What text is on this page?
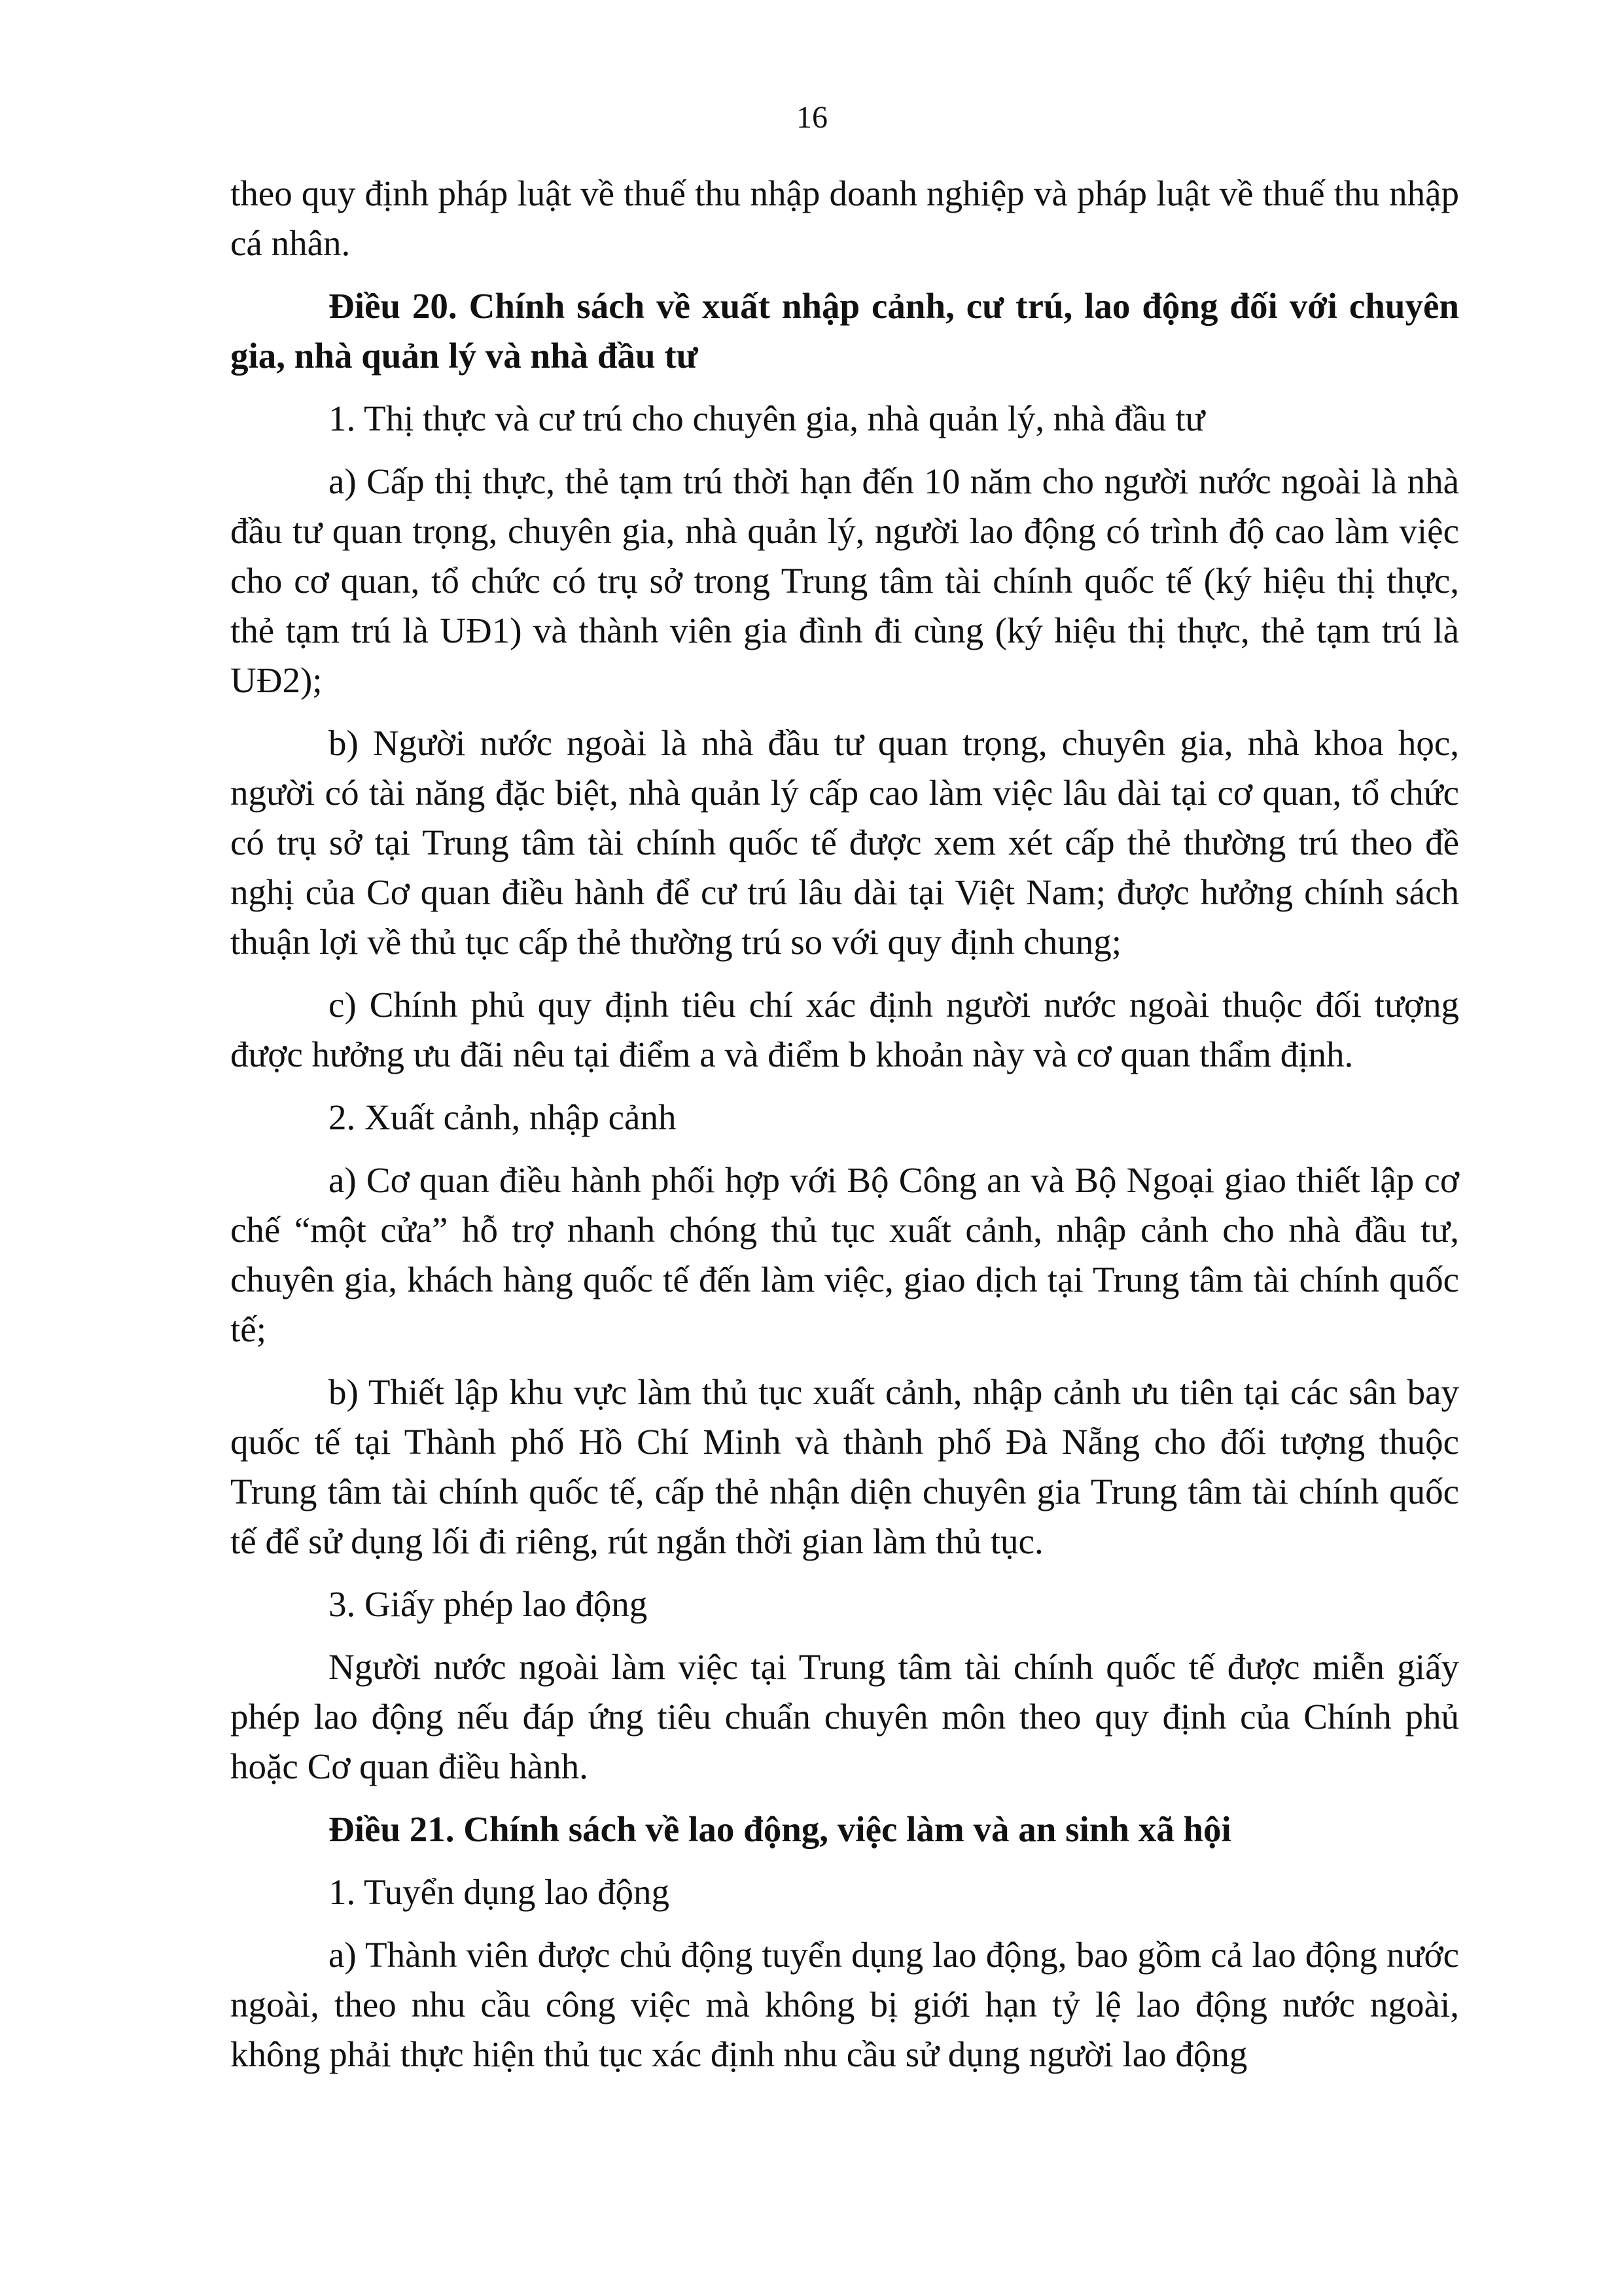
16

theo quy định pháp luật về thuế thu nhập doanh nghiệp và pháp luật về thuế thu nhập cá nhân.

Điều 20. Chính sách về xuất nhập cảnh, cư trú, lao động đối với chuyên gia, nhà quản lý và nhà đầu tư

1. Thị thực và cư trú cho chuyên gia, nhà quản lý, nhà đầu tư

a) Cấp thị thực, thẻ tạm trú thời hạn đến 10 năm cho người nước ngoài là nhà đầu tư quan trọng, chuyên gia, nhà quản lý, người lao động có trình độ cao làm việc cho cơ quan, tổ chức có trụ sở trong Trung tâm tài chính quốc tế (ký hiệu thị thực, thẻ tạm trú là UĐ1) và thành viên gia đình đi cùng (ký hiệu thị thực, thẻ tạm trú là UĐ2);

b) Người nước ngoài là nhà đầu tư quan trọng, chuyên gia, nhà khoa học, người có tài năng đặc biệt, nhà quản lý cấp cao làm việc lâu dài tại cơ quan, tổ chức có trụ sở tại Trung tâm tài chính quốc tế được xem xét cấp thẻ thường trú theo đề nghị của Cơ quan điều hành để cư trú lâu dài tại Việt Nam; được hưởng chính sách thuận lợi về thủ tục cấp thẻ thường trú so với quy định chung;

c) Chính phủ quy định tiêu chí xác định người nước ngoài thuộc đối tượng được hưởng ưu đãi nêu tại điểm a và điểm b khoản này và cơ quan thẩm định.

2. Xuất cảnh, nhập cảnh

a) Cơ quan điều hành phối hợp với Bộ Công an và Bộ Ngoại giao thiết lập cơ chế “một cửa” hỗ trợ nhanh chóng thủ tục xuất cảnh, nhập cảnh cho nhà đầu tư, chuyên gia, khách hàng quốc tế đến làm việc, giao dịch tại Trung tâm tài chính quốc tế;

b) Thiết lập khu vực làm thủ tục xuất cảnh, nhập cảnh ưu tiên tại các sân bay quốc tế tại Thành phố Hồ Chí Minh và thành phố Đà Nẵng cho đối tượng thuộc Trung tâm tài chính quốc tế, cấp thẻ nhận diện chuyên gia Trung tâm tài chính quốc tế để sử dụng lối đi riêng, rút ngắn thời gian làm thủ tục.

3. Giấy phép lao động

Người nước ngoài làm việc tại Trung tâm tài chính quốc tế được miễn giấy phép lao động nếu đáp ứng tiêu chuẩn chuyên môn theo quy định của Chính phủ hoặc Cơ quan điều hành.

Điều 21. Chính sách về lao động, việc làm và an sinh xã hội

1. Tuyển dụng lao động

a) Thành viên được chủ động tuyển dụng lao động, bao gồm cả lao động nước ngoài, theo nhu cầu công việc mà không bị giới hạn tỷ lệ lao động nước ngoài, không phải thực hiện thủ tục xác định nhu cầu sử dụng người lao động
